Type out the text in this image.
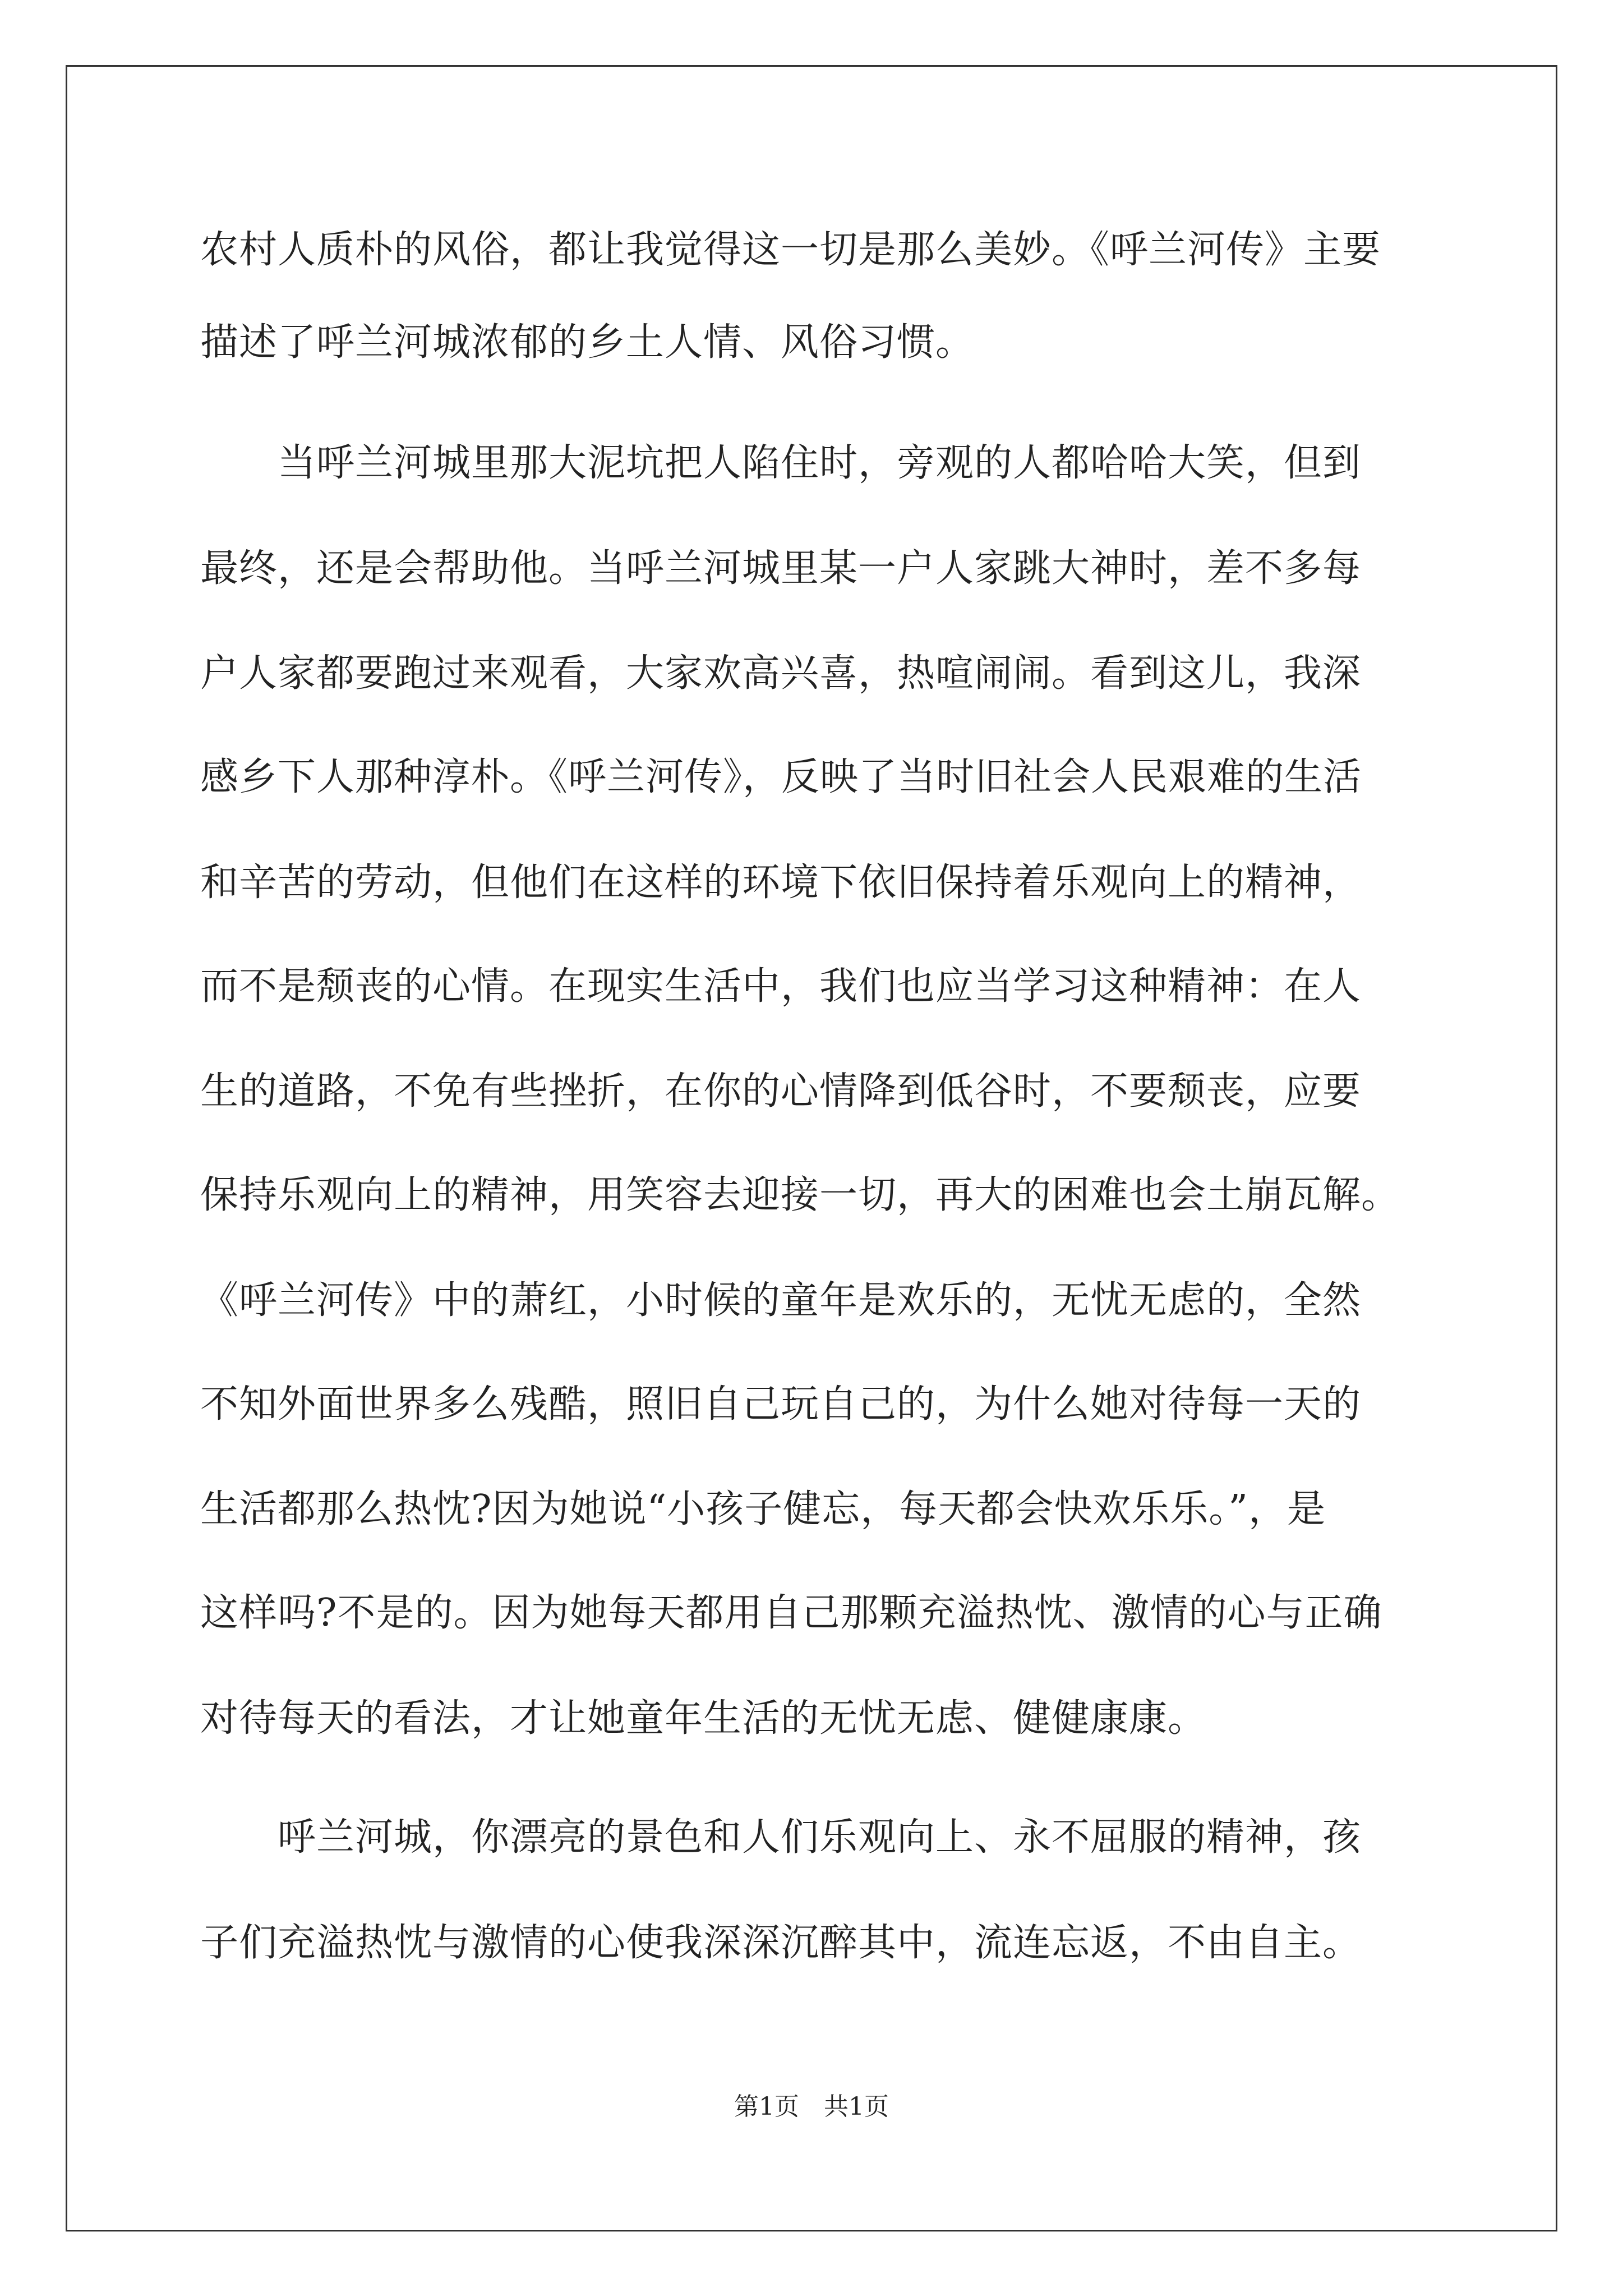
农村人质朴的风俗，都让我觉得这一切是那么美妙。《呼兰河传》主要
描述了呼兰河城浓郁的乡土人情、风俗习惯。
　　当呼兰河城里那大泥坑把人陷住时，旁观的人都哈哈大笑，但到
最终，还是会帮助他。当呼兰河城里某一户人家跳大神时，差不多每
户人家都要跑过来观看，大家欢高兴喜，热喧闹闹。看到这儿，我深
感乡下人那种淳朴。《呼兰河传》，反映了当时旧社会人民艰难的生活
和辛苦的劳动，但他们在这样的环境下依旧保持着乐观向上的精神，
而不是颓丧的心情。在现实生活中，我们也应当学习这种精神：在人
生的道路，不免有些挫折，在你的心情降到低谷时，不要颓丧，应要
保持乐观向上的精神，用笑容去迎接一切，再大的困难也会土崩瓦解。
《呼兰河传》中的萧红，小时候的童年是欢乐的，无忧无虑的，全然
不知外面世界多么残酷，照旧自己玩自己的，为什么她对待每一天的
生活都那么热忱?因为她说“小孩子健忘，每天都会快欢乐乐。”，是
这样吗?不是的。因为她每天都用自己那颗充溢热忱、激情的心与正确
对待每天的看法，才让她童年生活的无忧无虑、健健康康。
　　呼兰河城，你漂亮的景色和人们乐观向上、永不屈服的精神，孩
子们充溢热忱与激情的心使我深深沉醉其中，流连忘返，不由自主。
第1页　共1页
